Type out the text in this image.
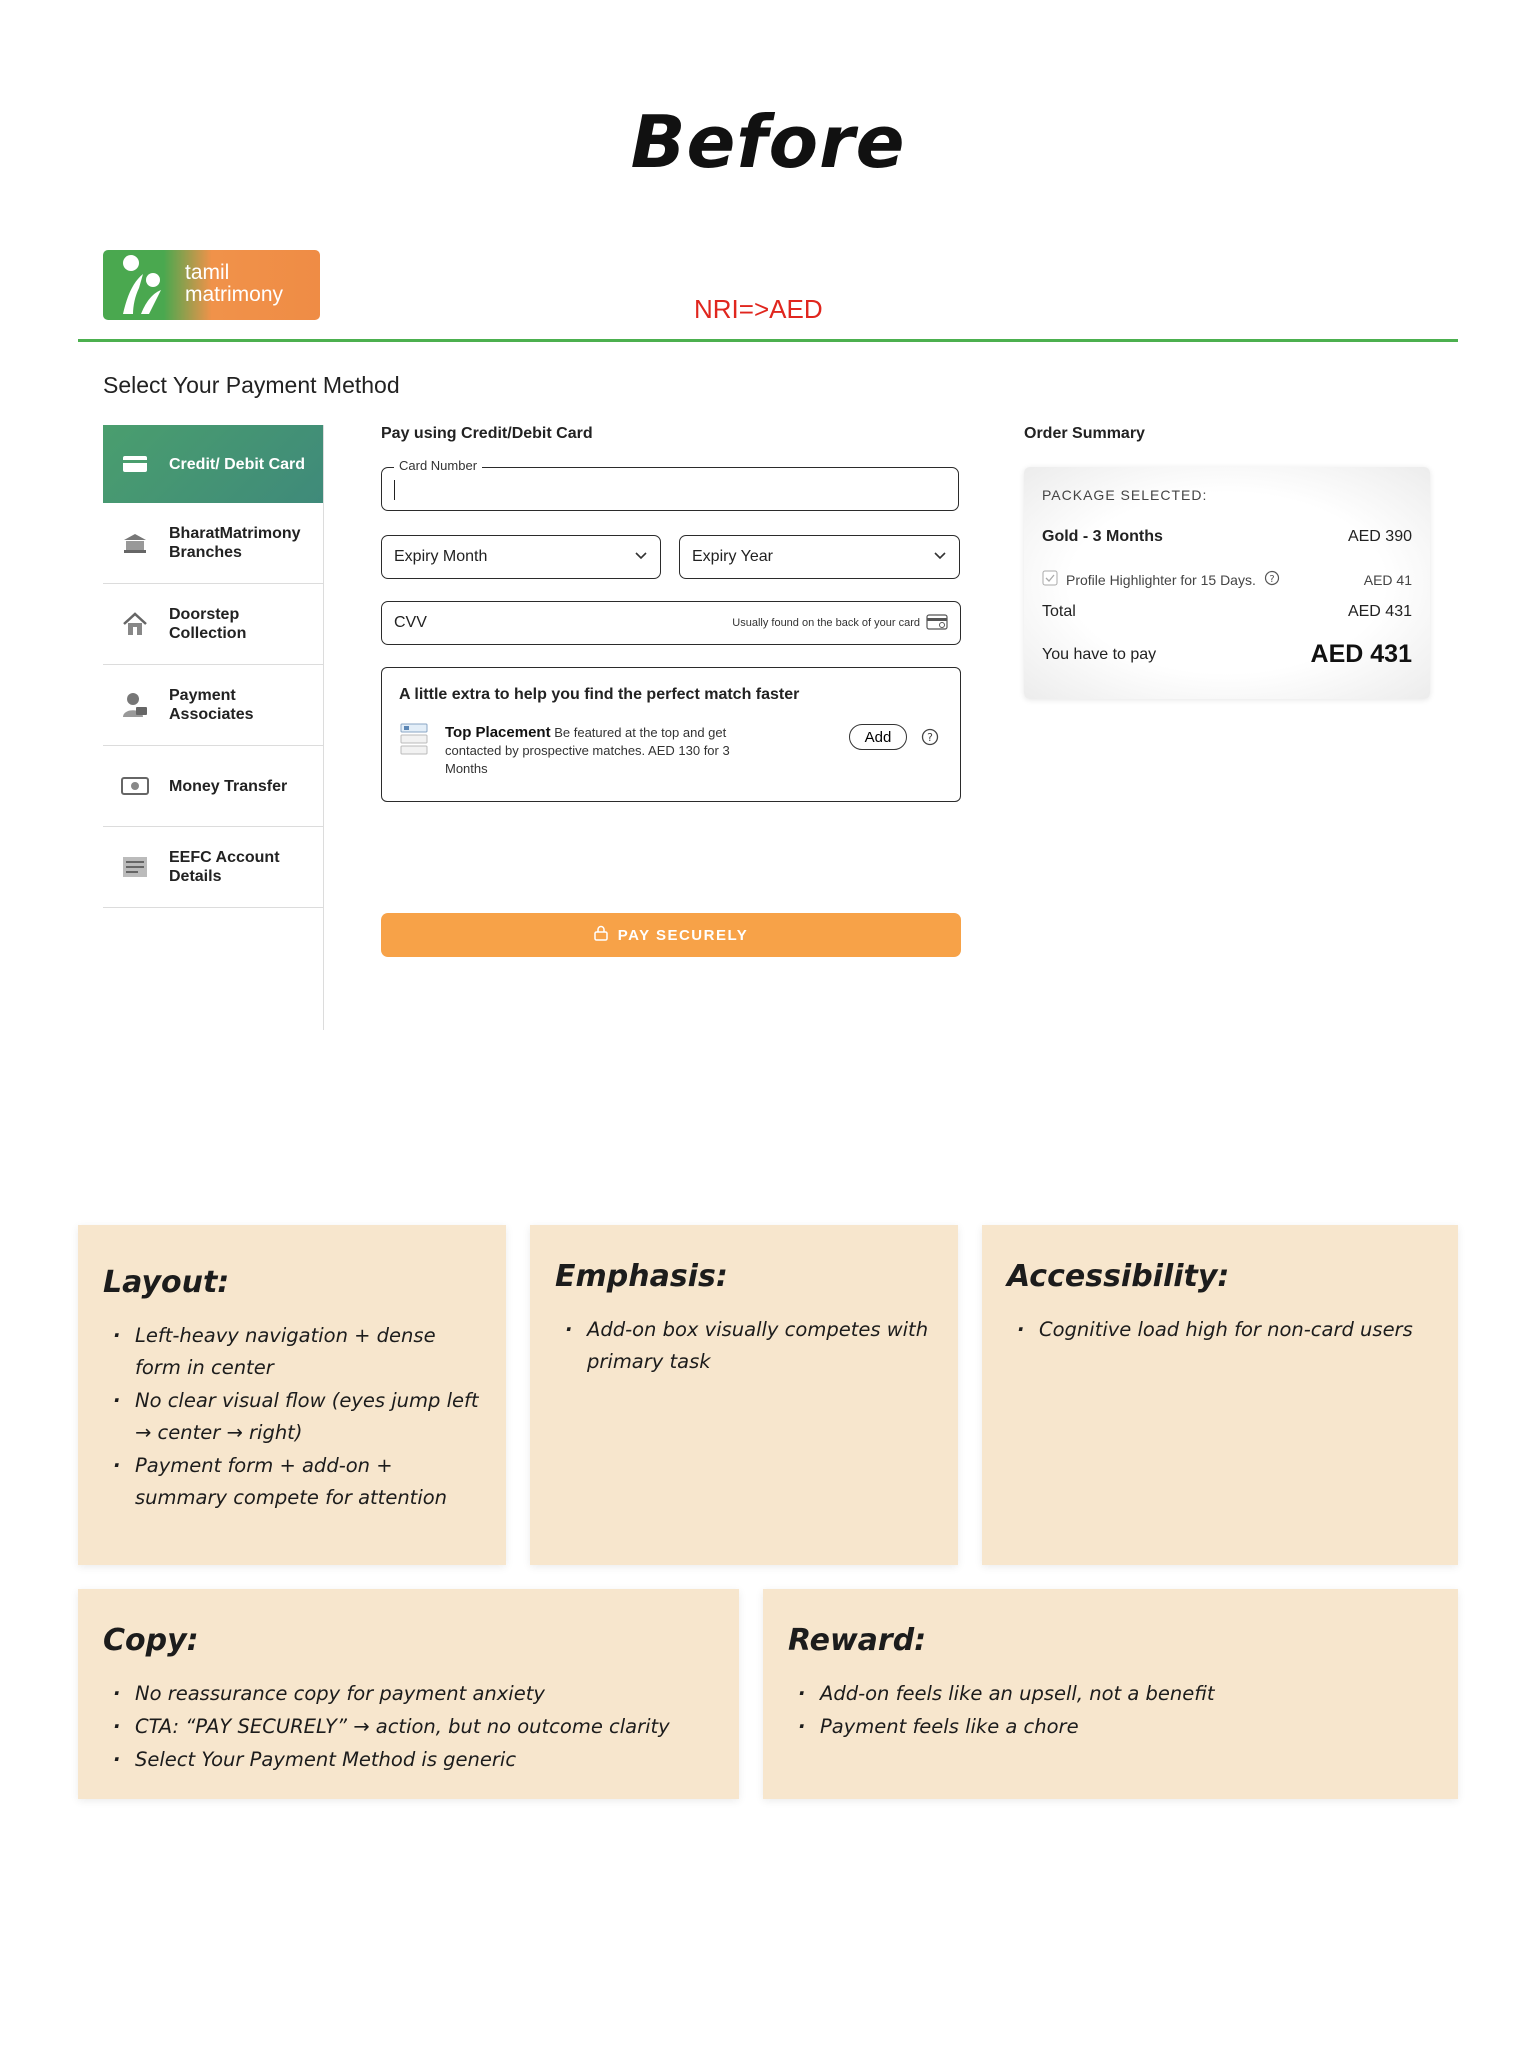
Before
tamil
matrimony	NRI=>AED
Select Your Payment Method
Credit/ Debit Card
BharatMatrimony Branches
Doorstep Collection
Payment Associates
Money Transfer
EEFC Account Details
Pay using Credit/Debit Card
Card Number
Expiry Month	Expiry Year
CVV	Usually found on the back of your card
A little extra to help you find the perfect match faster
Top Placement Be featured at the top and get contacted by prospective matches. AED 130 for 3 Months
Add	?
PAY SECURELY
Order Summary
PACKAGE SELECTED:
Gold - 3 Months	AED 390
Profile Highlighter for 15 Days. ?	AED 41
Total	AED 431
You have to pay	AED 431
Layout:
· Left-heavy navigation + dense form in center
· No clear visual flow (eyes jump left → center → right)
· Payment form + add-on + summary compete for attention
Emphasis:
· Add-on box visually competes with primary task
Accessibility:
· Cognitive load high for non-card users
Copy:
· No reassurance copy for payment anxiety
· CTA: “PAY SECURELY” → action, but no outcome clarity
· Select Your Payment Method is generic
Reward:
· Add-on feels like an upsell, not a benefit
· Payment feels like a chore
